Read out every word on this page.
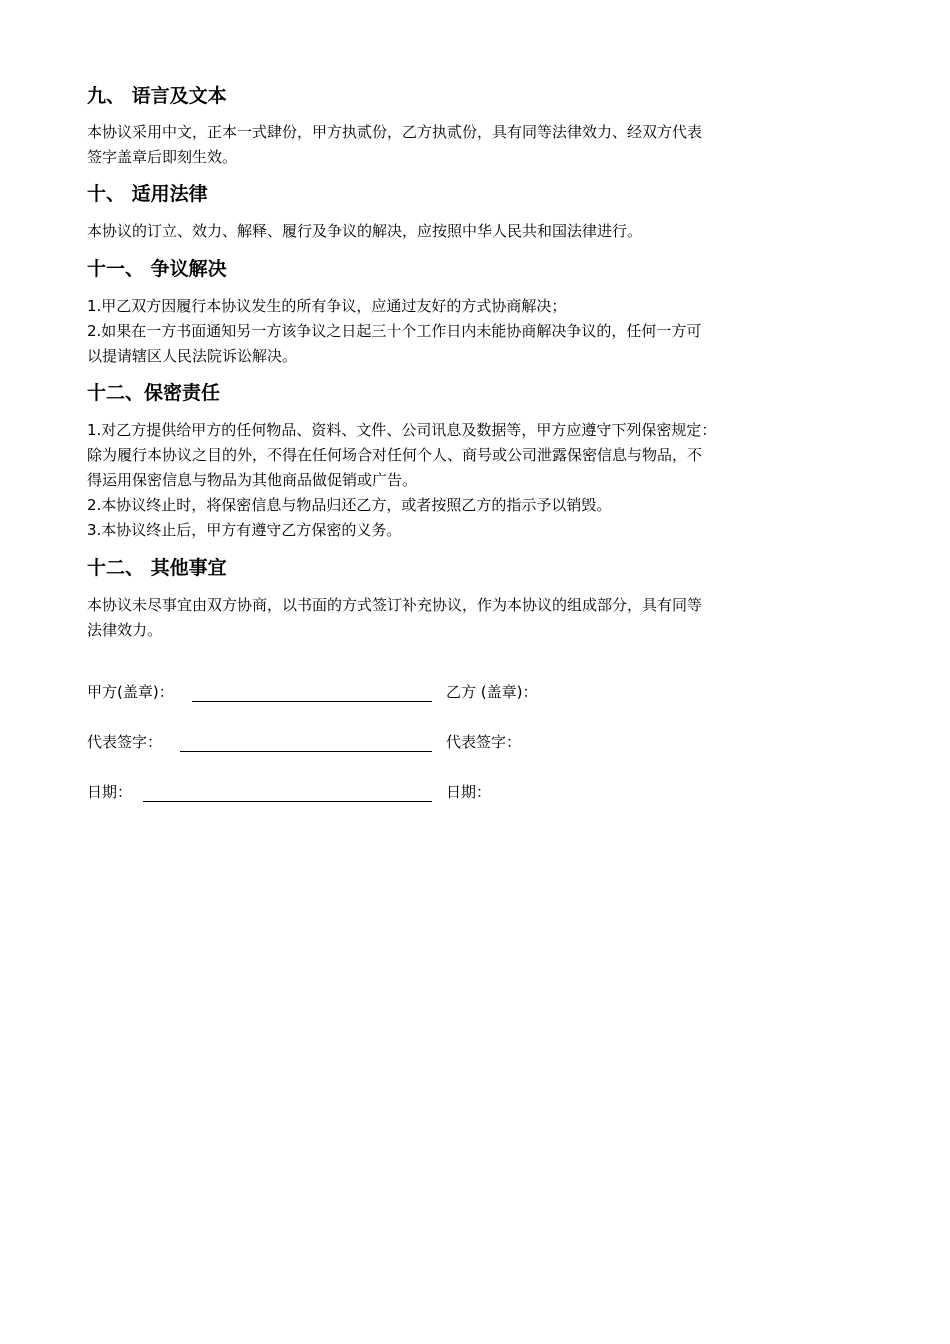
九、 语言及文本
本协议采用中文，正本一式肆份，甲方执贰份，乙方执贰份，具有同等法律效力、经双方代表
签字盖章后即刻生效。
十、 适用法律
本协议的订立、效力、解释、履行及争议的解决，应按照中华人民共和国法律进行。
十一、 争议解决
1.甲乙双方因履行本协议发生的所有争议，应通过友好的方式协商解决；
2.如果在一方书面通知另一方该争议之日起三十个工作日内未能协商解决争议的，任何一方可
以提请辖区人民法院诉讼解决。
十二、保密责任
1.对乙方提供给甲方的任何物品、资料、文件、公司讯息及数据等，甲方应遵守下列保密规定：
除为履行本协议之目的外，不得在任何场合对任何个人、商号或公司泄露保密信息与物品，不
得运用保密信息与物品为其他商品做促销或广告。
2.本协议终止时，将保密信息与物品归还乙方，或者按照乙方的指示予以销毁。
3.本协议终止后，甲方有遵守乙方保密的义务。
十二、 其他事宜
本协议未尽事宜由双方协商，以书面的方式签订补充协议，作为本协议的组成部分，具有同等
法律效力。
甲方(盖章)：	乙方 (盖章)：
代表签字：	代表签字：
日期：	日期：
